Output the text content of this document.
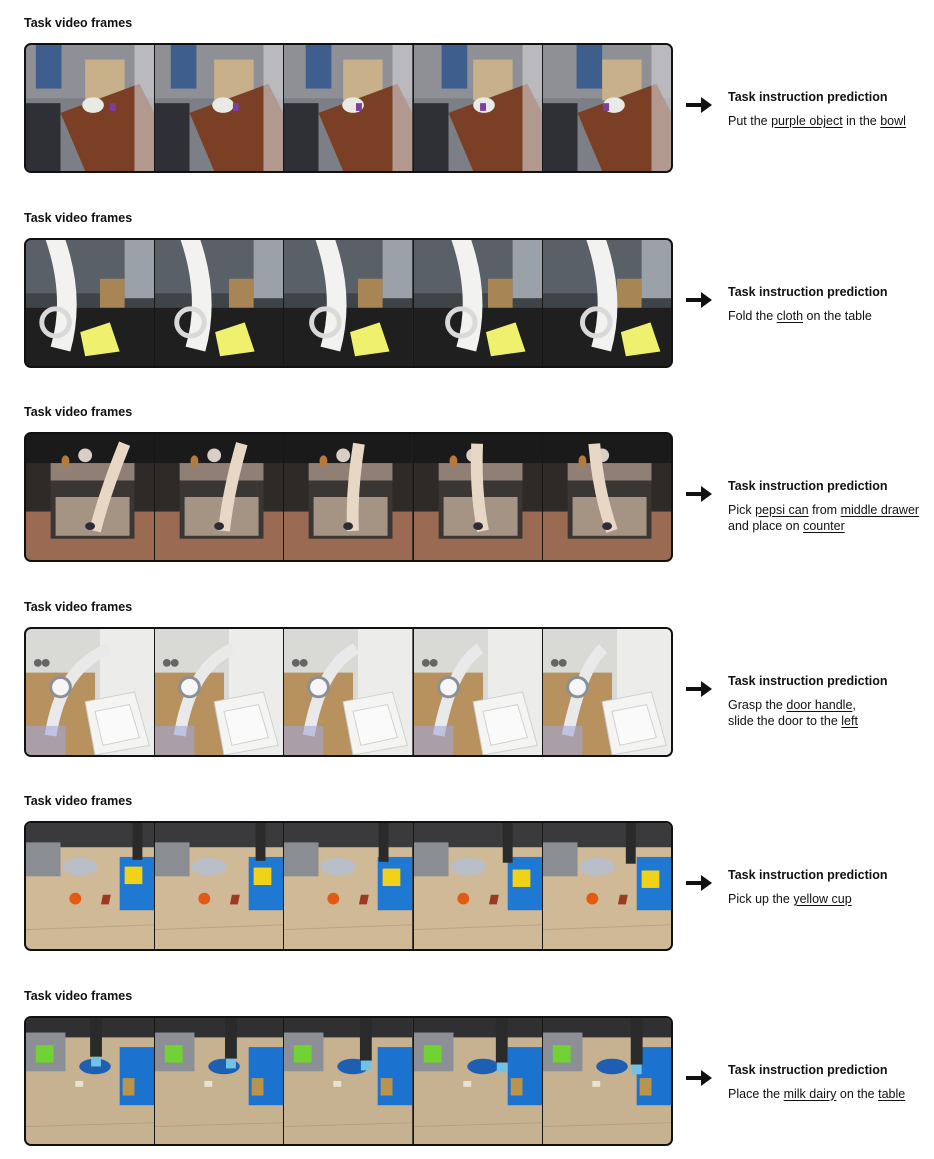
Task video frames
Task instruction prediction
Put the purple object in the bowl
Task video frames
Task instruction prediction
Fold the cloth on the table
Task video frames
Task instruction prediction
Pick pepsi can from middle drawer
and place on counter
Task video frames
Task instruction prediction
Grasp the door handle,
slide the door to the left
Task video frames
Task instruction prediction
Pick up the yellow cup
Task video frames
Task instruction prediction
Place the milk dairy on the table
